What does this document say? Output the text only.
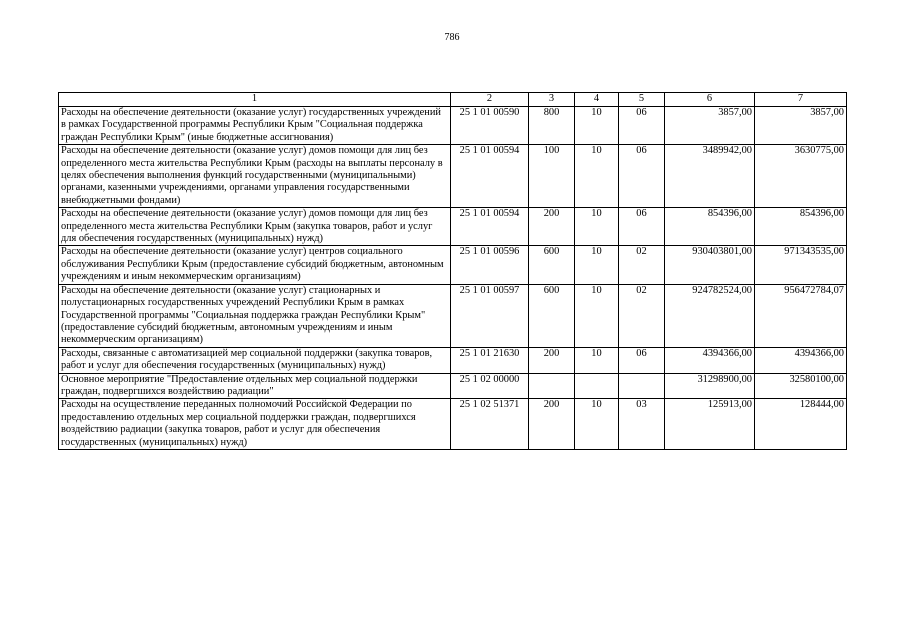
786
1	2	3	4	5	6	7
Расходы на обеспечение деятельности (оказание услуг) государственных учреждений в рамках Государственной программы Республики Крым "Социальная поддержка граждан Республики Крым" (иные бюджетные ассигнования)	25 1 01 00590	800	10	06	3857,00	3857,00
Расходы на обеспечение деятельности (оказание услуг) домов помощи для лиц без определенного места жительства Республики Крым (расходы на выплаты персоналу в целях обеспечения выполнения функций государственными (муниципальными) органами, казенными учреждениями, органами управления государственными внебюджетными фондами)	25 1 01 00594	100	10	06	3489942,00	3630775,00
Расходы на обеспечение деятельности (оказание услуг) домов помощи для лиц без определенного места жительства Республики Крым (закупка товаров, работ и услуг для обеспечения государственных (муниципальных) нужд)	25 1 01 00594	200	10	06	854396,00	854396,00
Расходы на обеспечение деятельности (оказание услуг) центров социального обслуживания Республики Крым (предоставление субсидий бюджетным, автономным учреждениям и иным некоммерческим организациям)	25 1 01 00596	600	10	02	930403801,00	971343535,00
Расходы на обеспечение деятельности (оказание услуг) стационарных и полустационарных государственных учреждений Республики Крым в рамках Государственной программы "Социальная поддержка граждан Республики Крым" (предоставление субсидий бюджетным, автономным учреждениям и иным некоммерческим организациям)	25 1 01 00597	600	10	02	924782524,00	956472784,07
Расходы, связанные с автоматизацией мер социальной поддержки (закупка товаров, работ и услуг для обеспечения государственных (муниципальных) нужд)	25 1 01 21630	200	10	06	4394366,00	4394366,00
Основное мероприятие "Предоставление отдельных мер социальной поддержки граждан, подвергшихся воздействию радиации"	25 1 02 00000				31298900,00	32580100,00
Расходы на осуществление переданных полномочий Российской Федерации по предоставлению отдельных мер социальной поддержки граждан, подвергшихся воздействию радиации (закупка товаров, работ и услуг для обеспечения государственных (муниципальных) нужд)	25 1 02 51371	200	10	03	125913,00	128444,00
